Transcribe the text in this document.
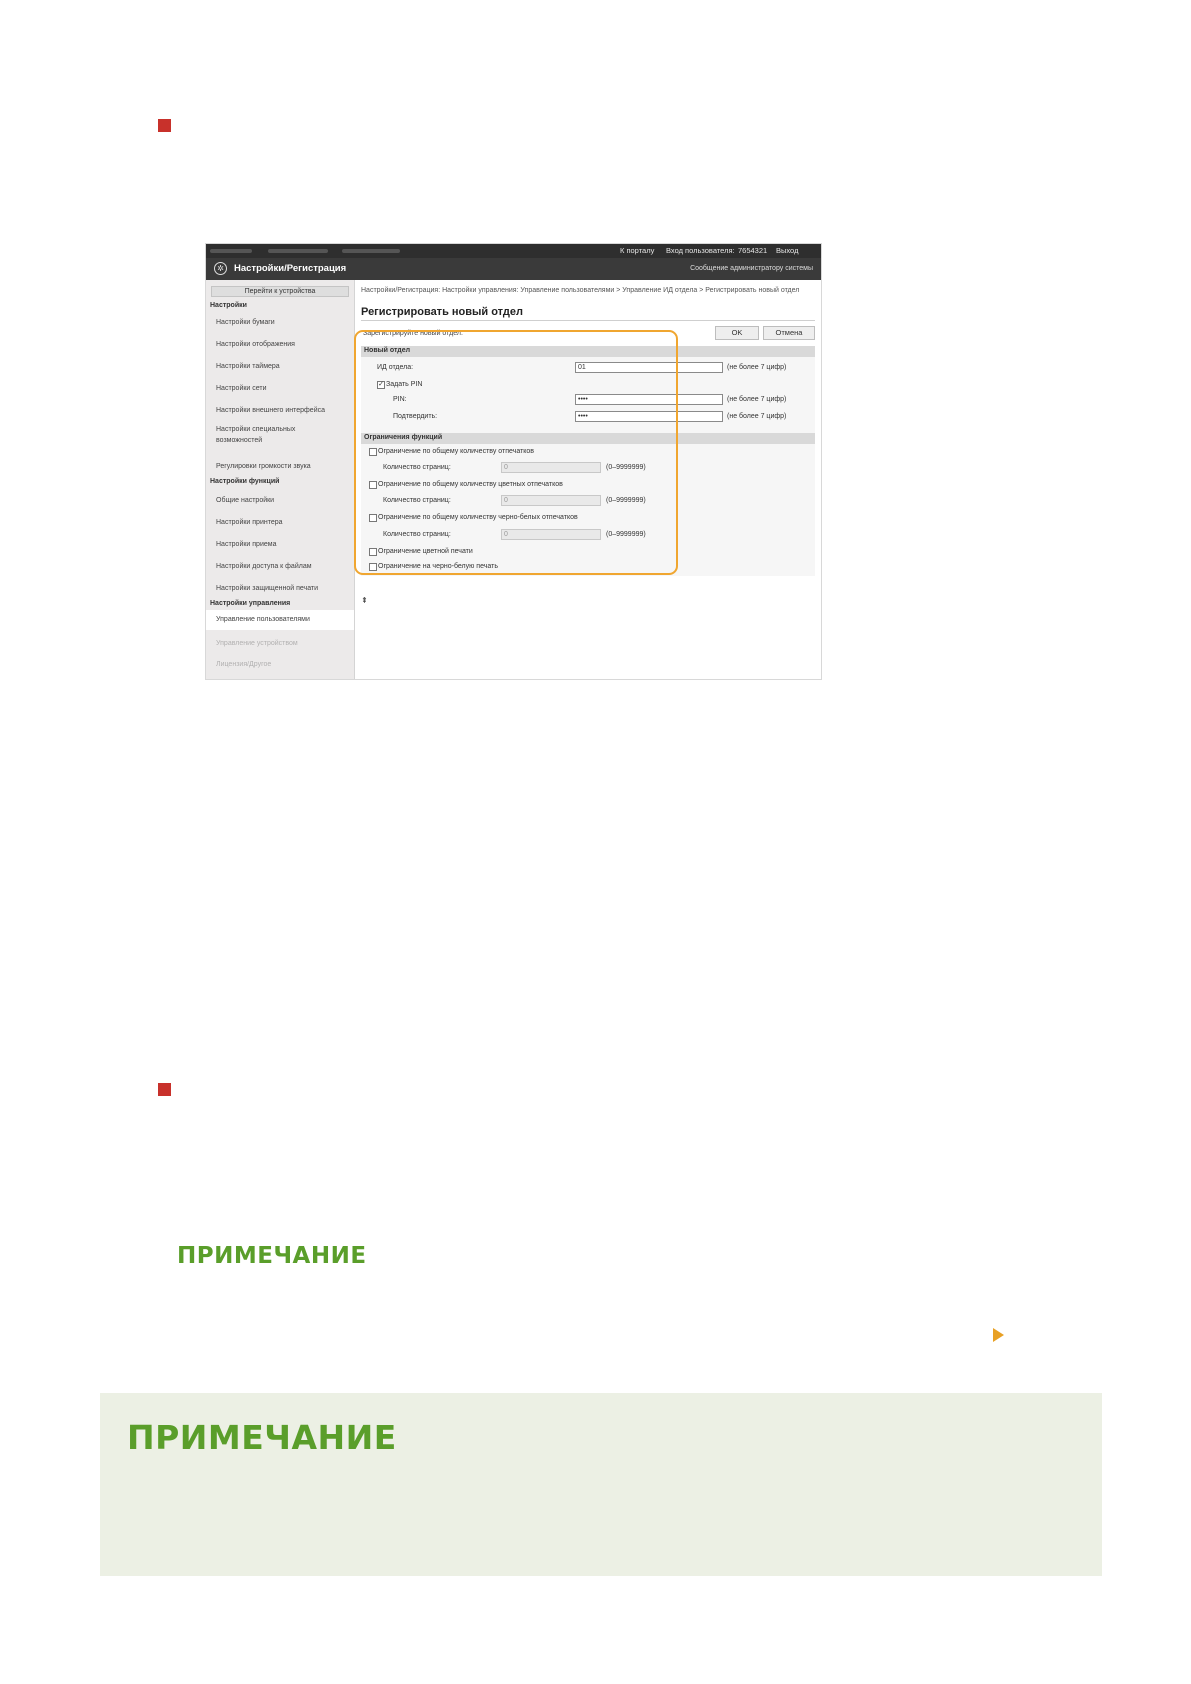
К порталу Вход пользователя: 7654321 Выход
✲	Настройки/Регистрация	Сообщение администратору системы
Перейти к устройства
Настройки
Настройки бумаги
Настройки отображения
Настройки таймера
Настройки сети
Настройки внешнего интерфейса
Настройки специальных возможностей
Регулировки громкости звука
Настройки функций
Общие настройки
Настройки принтера
Настройки приема
Настройки доступа к файлам
Настройки защищенной печати
Настройки управления
Управление пользователями
Управление устройством
Лицензия/Другое
Настройки/Регистрация: Настройки управления: Управление пользователями > Управление ИД отдела > Регистрировать новый отдел
Регистрировать новый отдел
Зарегистрируйте новый отдел.	OK	Отмена
Новый отдел
ИД отдела:	01	(не более 7 цифр)
✓ Задать PIN
PIN:	••••	(не более 7 цифр)
Подтвердить:	••••	(не более 7 цифр)
Ограничения функций
Ограничение по общему количеству отпечатков
Количество страниц:	0	(0–9999999)
Ограничение по общему количеству цветных отпечатков
Количество страниц:	0	(0–9999999)
Ограничение по общему количеству черно-белых отпечатков
Количество страниц:	0	(0–9999999)
Ограничение цветной печати
Ограничение на черно-белую печать
⇞
ПРИМЕЧАНИЕ
ПРИМЕЧАНИЕ
